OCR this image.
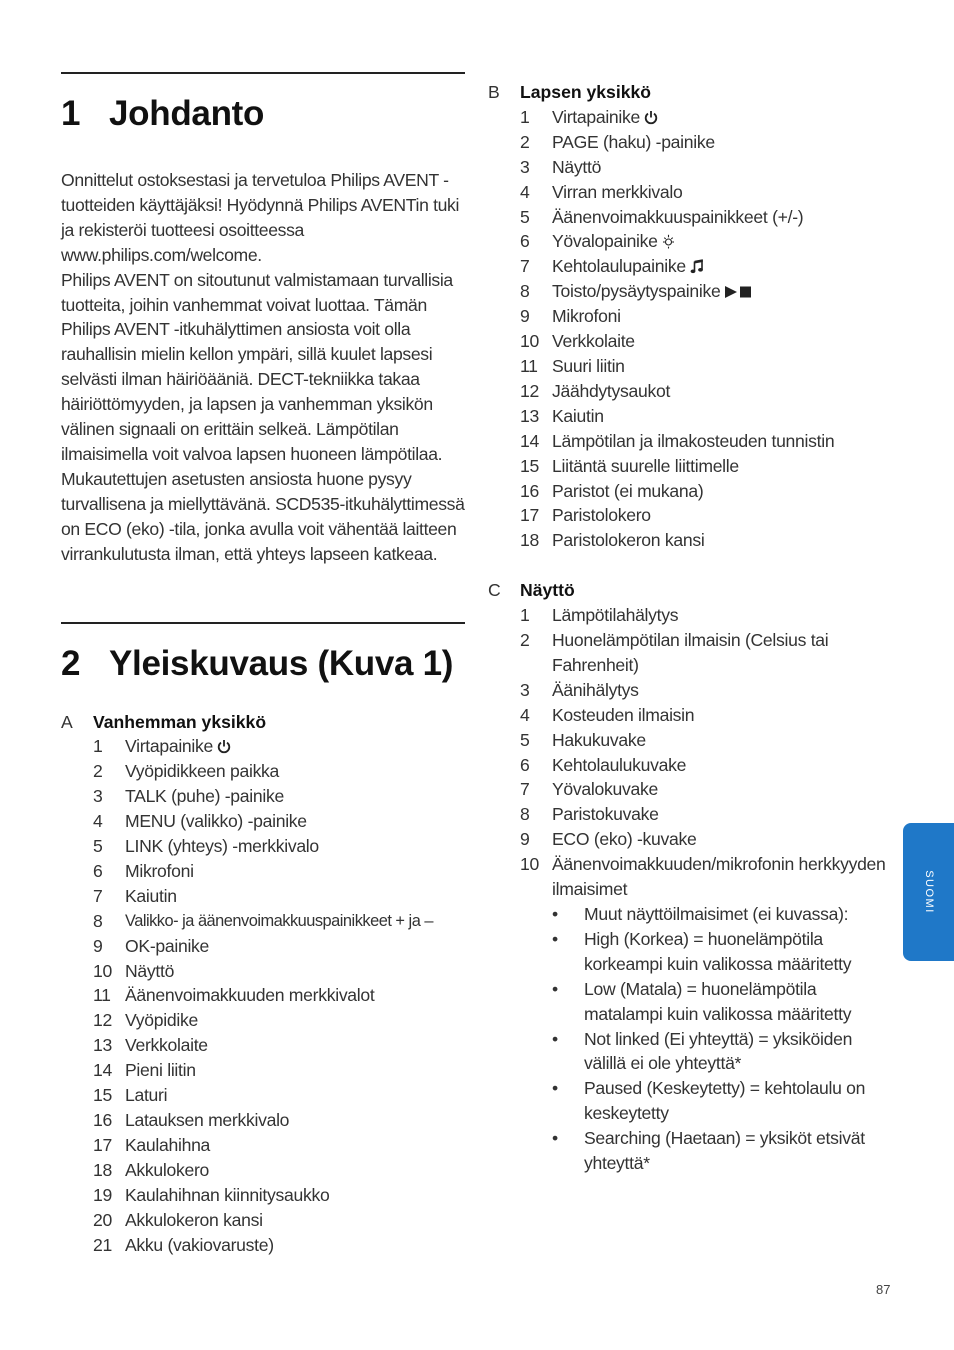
1 Johdanto

Onnittelut ostoksestasi ja tervetuloa Philips AVENT -tuotteiden käyttäjäksi! Hyödynnä Philips AVENTin tuki ja rekisteröi tuotteesi osoitteessa www.philips.com/welcome.

Philips AVENT on sitoutunut valmistamaan turvallisia tuotteita, joihin vanhemmat voivat luottaa. Tämän Philips AVENT -itkuhälyttimen ansiosta voit olla rauhallisin mielin kellon ympäri, sillä kuulet lapsesi selvästi ilman häiriöääniä. DECT-tekniikka takaa häiriöttömyyden, ja lapsen ja vanhemman yksikön välinen signaali on erittäin selkeä. Lämpötilan ilmaisimella voit valvoa lapsen huoneen lämpötilaa. Mukautettujen asetusten ansiosta huone pysyy turvallisena ja miellyttävänä. SCD535-itkuhälyttimessä on ECO (eko) -tila, jonka avulla voit vähentää laitteen virrankulutusta ilman, että yhteys lapseen katkeaa.

2 Yleiskuvaus (Kuva 1)
A	Vanhemman yksikkö
1	Virtapainike
2	Vyöpidikkeen paikka
3	TALK (puhe) -painike
4	MENU (valikko) -painike
5	LINK (yhteys) -merkkivalo
6	Mikrofoni
7	Kaiutin
8	Valikko- ja äänenvoimakkuuspainikkeet + ja –
9	OK-painike
10 Näyttö
11 Äänenvoimakkuuden merkkivalot
12 Vyöpidike
13 Verkkolaite
14 Pieni liitin
15 Laturi
16 Latauksen merkkivalo
17 Kaulahihna
18 Akkulokero
19 Kaulahihnan kiinnitysaukko
20 Akkulokeron kansi
21 Akku (vakiovaruste)
B	Lapsen yksikkö
1	Virtapainike
2	PAGE (haku) -painike
3	Näyttö
4	Virran merkkivalo
5	Äänenvoimakkuuspainikkeet (+/-)
6	Yövalopainike
7	Kehtolaulupainike
8	Toisto/pysäytyspainike
9	Mikrofoni
10 Verkkolaite
11 Suuri liitin
12 Jäähdytysaukot
13 Kaiutin
14 Lämpötilan ja ilmakosteuden tunnistin
15 Liitäntä suurelle liittimelle
16 Paristot (ei mukana)
17 Paristolokero
18 Paristolokeron kansi
C	Näyttö
1	Lämpötilahälytys
2	Huonelämpötilan ilmaisin (Celsius tai Fahrenheit)
3	Äänihälytys
4	Kosteuden ilmaisin
5	Hakukuvake
6	Kehtolaulukuvake
7	Yövalokuvake
8	Paristokuvake
9	ECO (eko) -kuvake
10 Äänenvoimakkuuden/mikrofonin herkkyyden ilmaisimet
•	Muut näyttöilmaisimet (ei kuvassa):
•	High (Korkea) = huonelämpötila korkeampi kuin valikossa määritetty
•	Low (Matala) = huonelämpötila matalampi kuin valikossa määritetty
•	Not linked (Ei yhteyttä) = yksiköiden välillä ei ole yhteyttä*
•	Paused (Keskeytetty) = kehtolaulu on keskeytetty
•	Searching (Haetaan) = yksiköt etsivät yhteyttä*
SUOMI
87
